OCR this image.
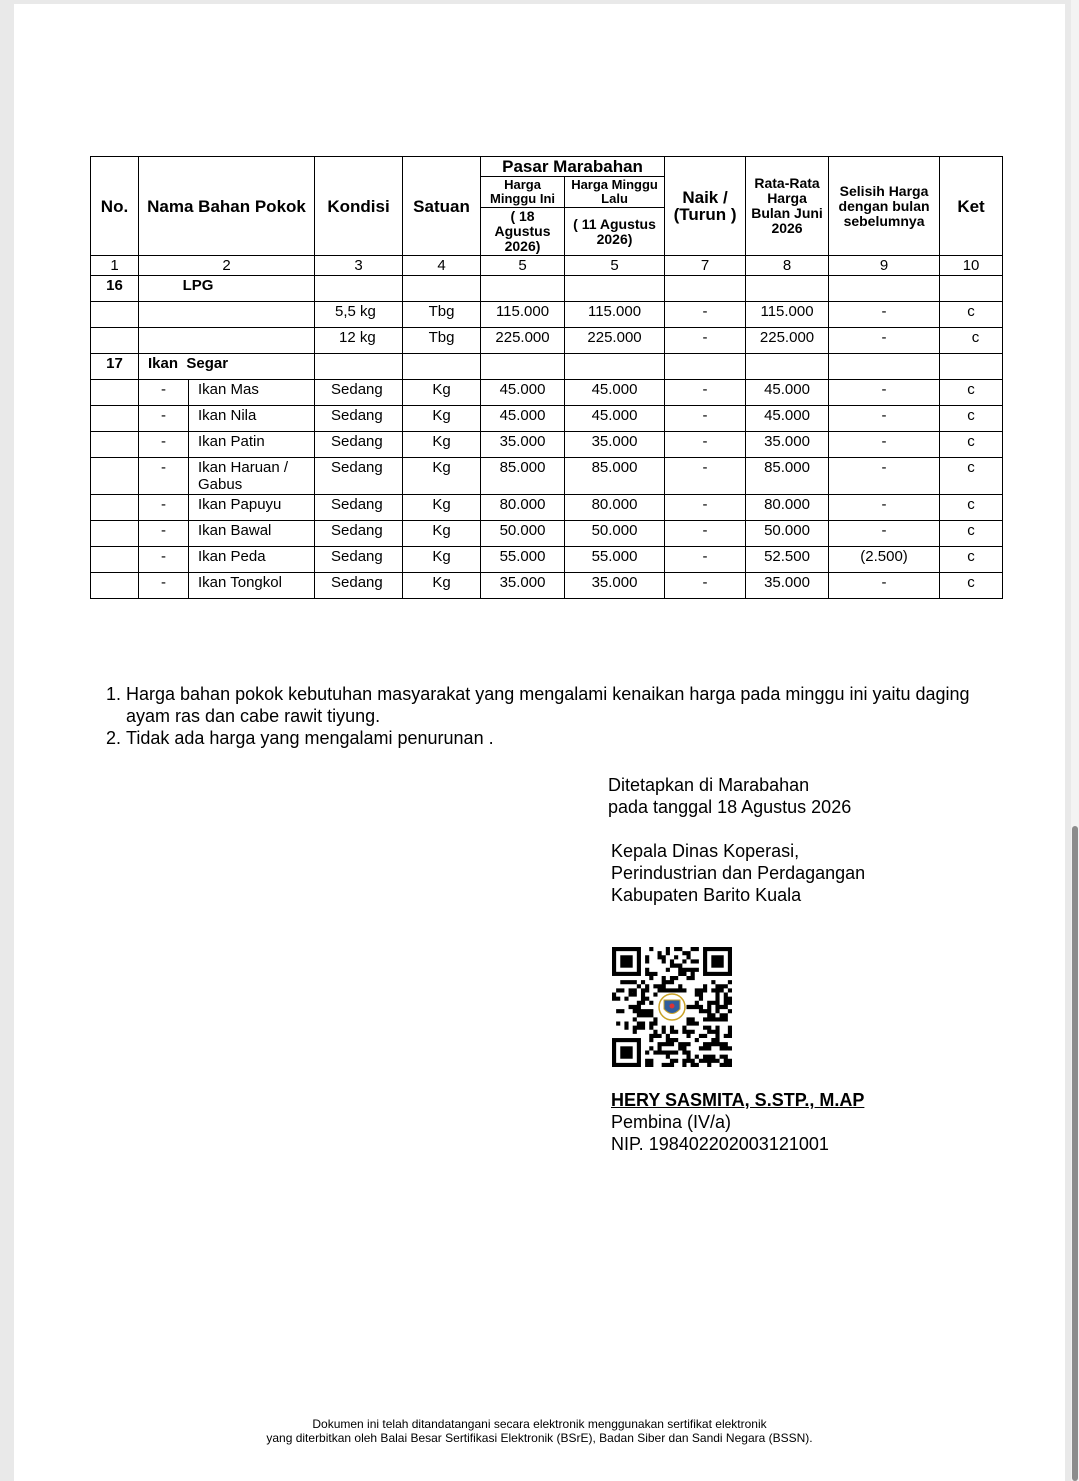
No.	Nama Bahan Pokok		Kondisi	Satuan	Pasar Marabahan		Naik / (Turun )	Rata-Rata Harga Bulan Juni 2026	Selisih Harga dengan bulan sebelumnya	Ket
					Harga Minggu Ini	Harga Minggu Lalu				
					( 18 Agustus 2026)	( 11 Agustus 2026)				
1	2		3	4	5	5	7	8	9	10
16	LPG									
			5,5 kg	Tbg	115.000	115.000	-	115.000	-	c
			12 kg	Tbg	225.000	225.000	-	225.000	-	c
17	Ikan  Segar									
	-	Ikan Mas	Sedang	Kg	45.000	45.000	-	45.000	-	c
	-	Ikan Nila	Sedang	Kg	45.000	45.000	-	45.000	-	c
	-	Ikan Patin	Sedang	Kg	35.000	35.000	-	35.000	-	c
	-	Ikan Haruan / Gabus	Sedang	Kg	85.000	85.000	-	85.000	-	c
	-	Ikan Papuyu	Sedang	Kg	80.000	80.000	-	80.000	-	c
	-	Ikan Bawal	Sedang	Kg	50.000	50.000	-	50.000	-	c
	-	Ikan Peda	Sedang	Kg	55.000	55.000	-	52.500	(2.500)	c
	-	Ikan Tongkol	Sedang	Kg	35.000	35.000	-	35.000	-	c
1. Harga bahan pokok kebutuhan masyarakat yang mengalami kenaikan harga pada minggu ini yaitu daging ayam ras dan cabe rawit tiyung.
2. Tidak ada harga yang mengalami penurunan .

Ditetapkan di Marabahan

pada tanggal 18 Agustus 2026

Kepala Dinas Koperasi,

Perindustrian dan Perdagangan

Kabupaten Barito Kuala

HERY SASMITA, S.STP., M.AP

Pembina (IV/a)

NIP. 198402202003121001

Dokumen ini telah ditandatangani secara elektronik menggunakan sertifikat elektronik

yang diterbitkan oleh Balai Besar Sertifikasi Elektronik (BSrE), Badan Siber dan Sandi Negara (BSSN).
